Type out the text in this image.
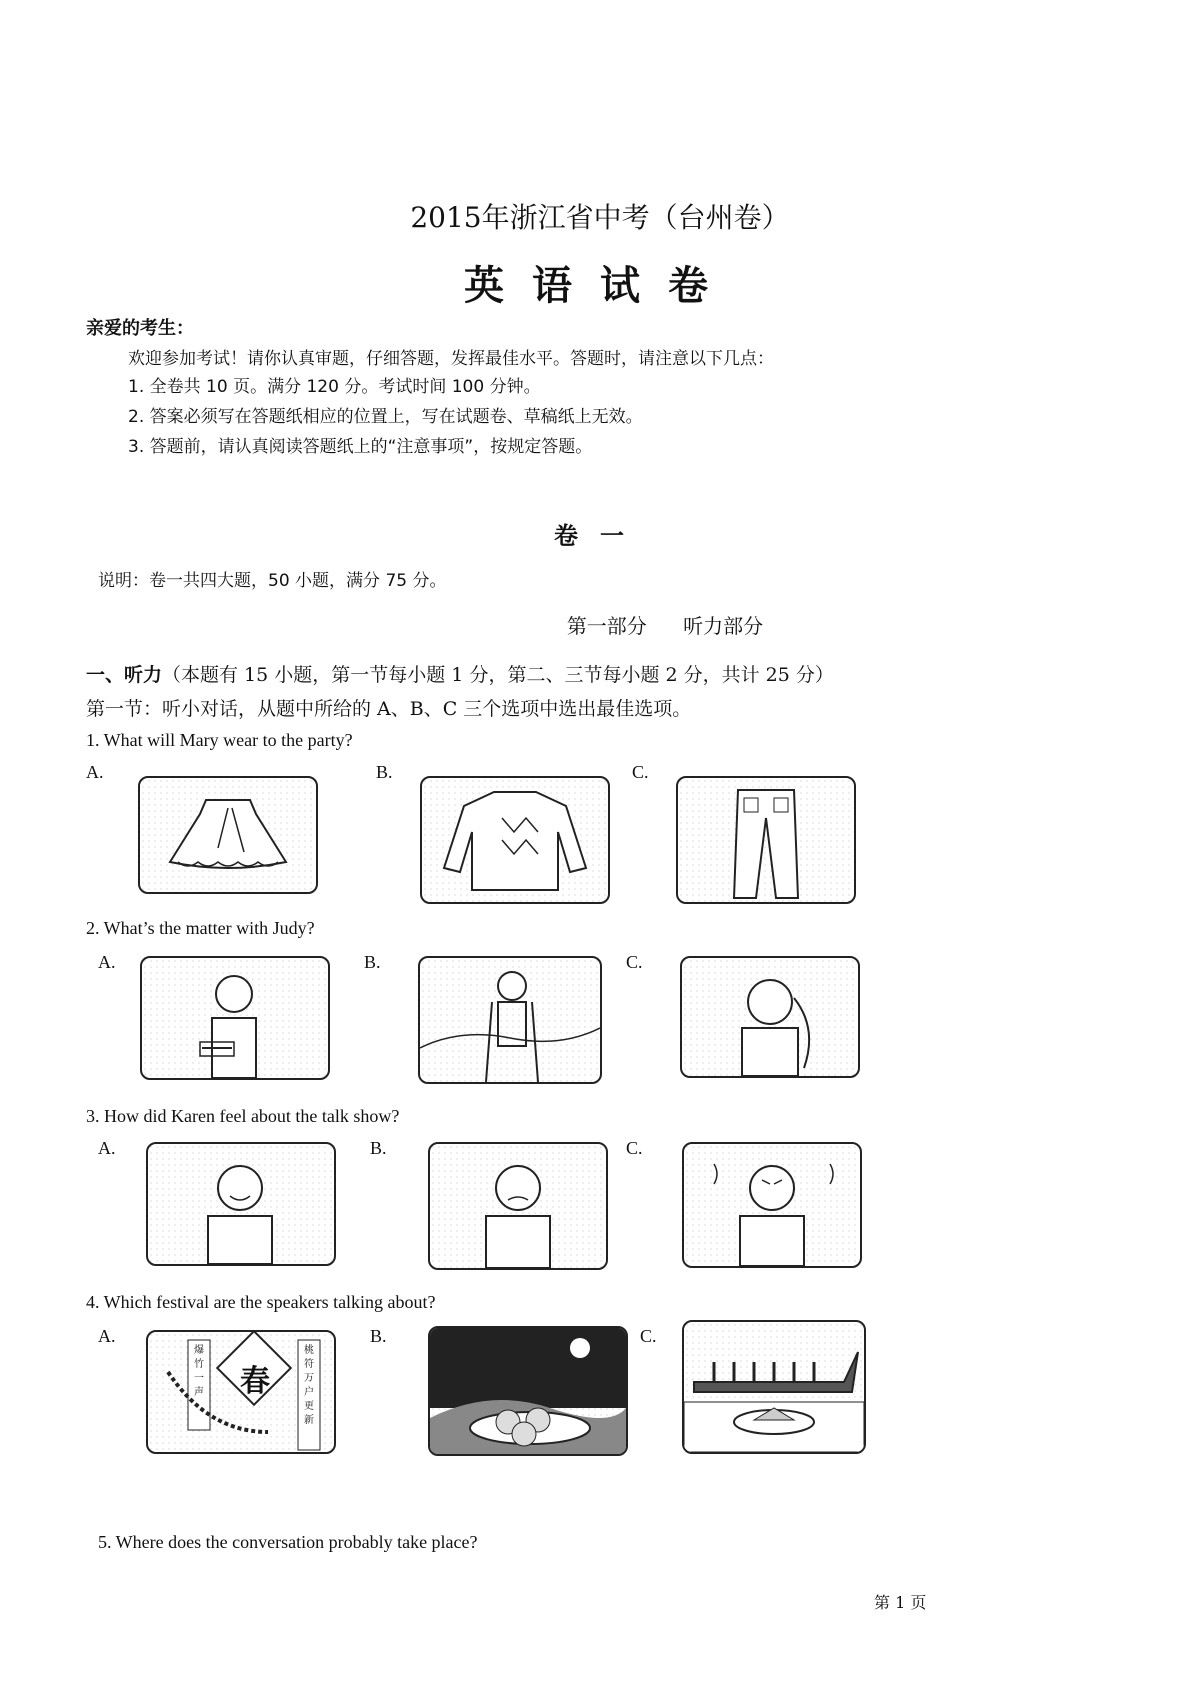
2015年浙江省中考（台州卷）
英语试卷
亲爱的考生：
欢迎参加考试！请你认真审题，仔细答题，发挥最佳水平。答题时，请注意以下几点：
1. 全卷共 10 页。满分 120 分。考试时间 100 分钟。
2. 答案必须写在答题纸相应的位置上，写在试题卷、草稿纸上无效。
3. 答题前，请认真阅读答题纸上的“注意事项”，按规定答题。
卷一
说明：卷一共四大题，50 小题，满分 75 分。
第一部分 听力部分
一、听力（本题有 15 小题，第一节每小题 1 分，第二、三节每小题 2 分，共计 25 分）
第一节：听小对话，从题中所给的 A、B、C 三个选项中选出最佳选项。
1. What will Mary wear to the party?
A.	B.	C.
2. What’s the matter with Judy?
A.	B.	C.
3. How did Karen feel about the talk show?
A.	B.	C.
4. Which festival are the speakers talking about?
A.	B.	C.
春
爆竹一声
桃符万户更新
5. Where does the conversation probably take place?
第 1 页
